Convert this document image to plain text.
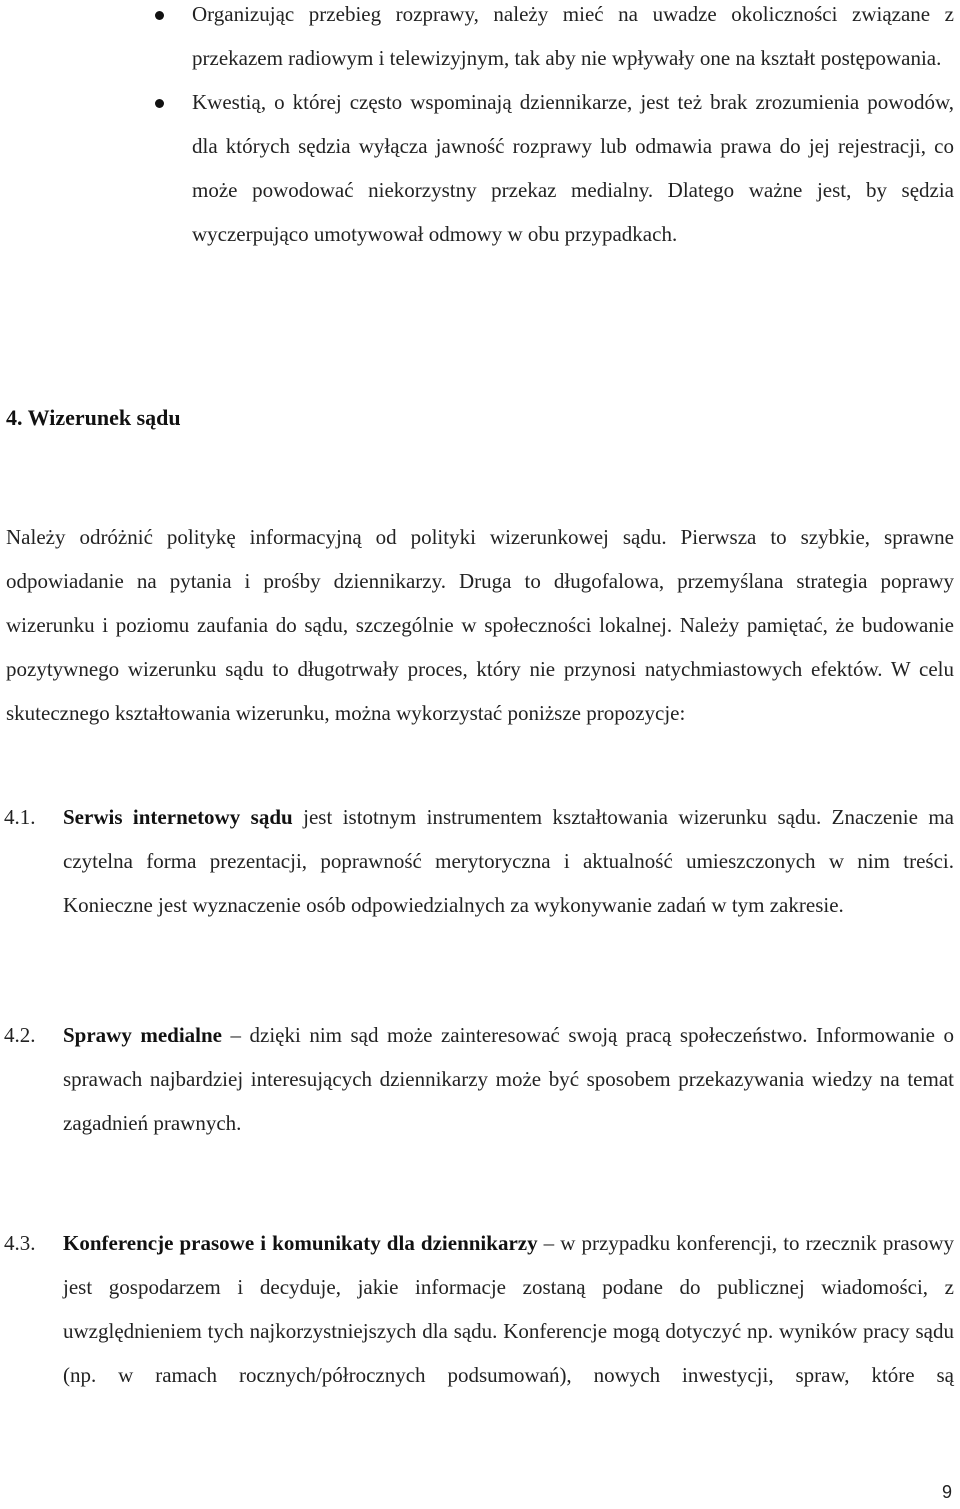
Organizując przebieg rozprawy, należy mieć na uwadze okoliczności związane z przekazem radiowym i telewizyjnym, tak aby nie wpływały one na kształt postępowania.

Kwestią, o której często wspominają dziennikarze, jest też brak zrozumienia powodów, dla których sędzia wyłącza jawność rozprawy lub odmawia prawa do jej rejestracji, co może powodować niekorzystny przekaz medialny. Dlatego ważne jest, by sędzia wyczerpująco umotywował odmowy w obu przypadkach.

4. Wizerunek sądu

Należy odróżnić politykę informacyjną od polityki wizerunkowej sądu. Pierwsza to szybkie, sprawne odpowiadanie na pytania i prośby dziennikarzy. Druga to długofalowa, przemyślana strategia poprawy wizerunku i poziomu zaufania do sądu, szczególnie w społeczności lokalnej. Należy pamiętać, że budowanie pozytywnego wizerunku sądu to długotrwały proces, który nie przynosi natychmiastowych efektów. W celu skutecznego kształtowania wizerunku, można wykorzystać poniższe propozycje:

4.1. Serwis internetowy sądu jest istotnym instrumentem kształtowania wizerunku sądu. Znaczenie ma czytelna forma prezentacji, poprawność merytoryczna i aktualność umieszczonych w nim treści. Konieczne jest wyznaczenie osób odpowiedzialnych za wykonywanie zadań w tym zakresie.

4.2. Sprawy medialne – dzięki nim sąd może zainteresować swoją pracą społeczeństwo. Informowanie o sprawach najbardziej interesujących dziennikarzy może być sposobem przekazywania wiedzy na temat zagadnień prawnych.

4.3. Konferencje prasowe i komunikaty dla dziennikarzy – w przypadku konferencji, to rzecznik prasowy jest gospodarzem i decyduje, jakie informacje zostaną podane do publicznej wiadomości, z uwzględnieniem tych najkorzystniejszych dla sądu. Konferencje mogą dotyczyć np. wyników pracy sądu (np. w ramach rocznych/półrocznych podsumowań), nowych inwestycji, spraw, które są

9
